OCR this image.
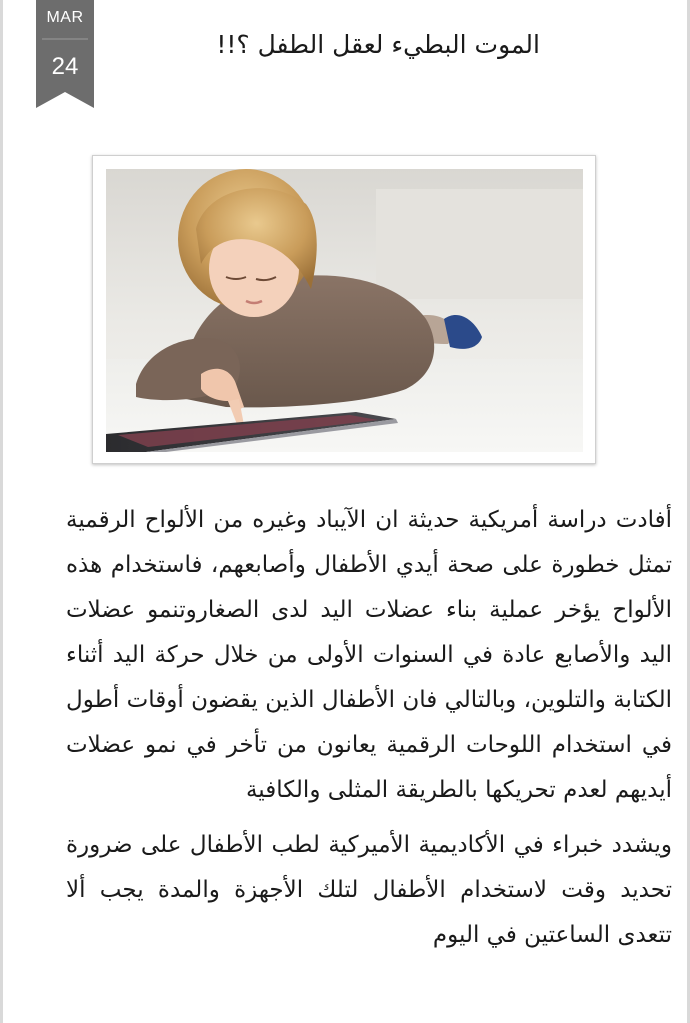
MAR
24
الموت البطيء لعقل الطفل ؟!!

أفادت دراسة أمريكية حديثة ان الآيباد وغيره من الألواح الرقمية تمثل خطورة على صحة أيدي الأطفال وأصابعهم، فاستخدام هذه الألواح يؤخر عملية بناء عضلات اليد لدى الصغاروتنمو عضلات اليد والأصابع عادة في السنوات الأولى من خلال حركة اليد أثناء الكتابة والتلوين، وبالتالي فان الأطفال الذين يقضون أوقات أطول في استخدام اللوحات الرقمية يعانون من تأخر في نمو عضلات أيديهم لعدم تحريكها بالطريقة المثلى والكافية

ويشدد خبراء في الأكاديمية الأميركية لطب الأطفال على ضرورة تحديد وقت لاستخدام الأطفال لتلك الأجهزة والمدة يجب ألا تتعدى الساعتين في اليوم
